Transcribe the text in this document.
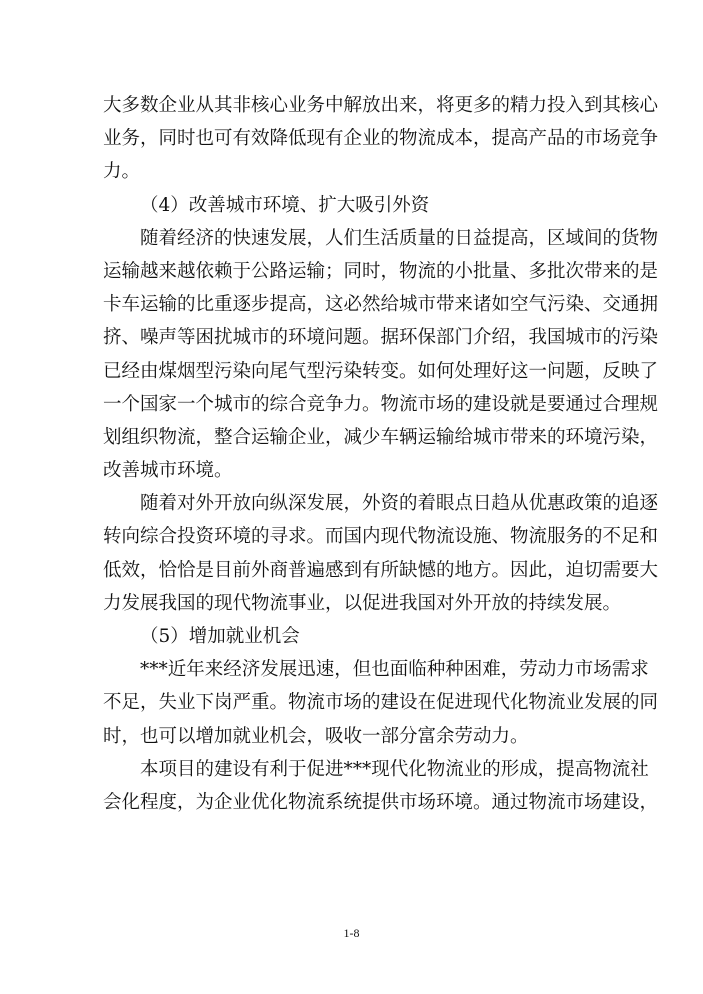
大多数企业从其非核心业务中解放出来，将更多的精力投入到其核心
业务，同时也可有效降低现有企业的物流成本，提高产品的市场竞争
力。
（4）改善城市环境、扩大吸引外资
随着经济的快速发展，人们生活质量的日益提高，区域间的货物
运输越来越依赖于公路运输；同时，物流的小批量、多批次带来的是
卡车运输的比重逐步提高，这必然给城市带来诸如空气污染、交通拥
挤、噪声等困扰城市的环境问题。据环保部门介绍，我国城市的污染
已经由煤烟型污染向尾气型污染转变。如何处理好这一问题，反映了
一个国家一个城市的综合竞争力。物流市场的建设就是要通过合理规
划组织物流，整合运输企业，减少车辆运输给城市带来的环境污染，
改善城市环境。
随着对外开放向纵深发展，外资的着眼点日趋从优惠政策的追逐
转向综合投资环境的寻求。而国内现代物流设施、物流服务的不足和
低效，恰恰是目前外商普遍感到有所缺憾的地方。因此，迫切需要大
力发展我国的现代物流事业，以促进我国对外开放的持续发展。
（5）增加就业机会
***近年来经济发展迅速，但也面临种种困难，劳动力市场需求
不足，失业下岗严重。物流市场的建设在促进现代化物流业发展的同
时，也可以增加就业机会，吸收一部分富余劳动力。
本项目的建设有利于促进***现代化物流业的形成，提高物流社
会化程度，为企业优化物流系统提供市场环境。通过物流市场建设，
1-8
